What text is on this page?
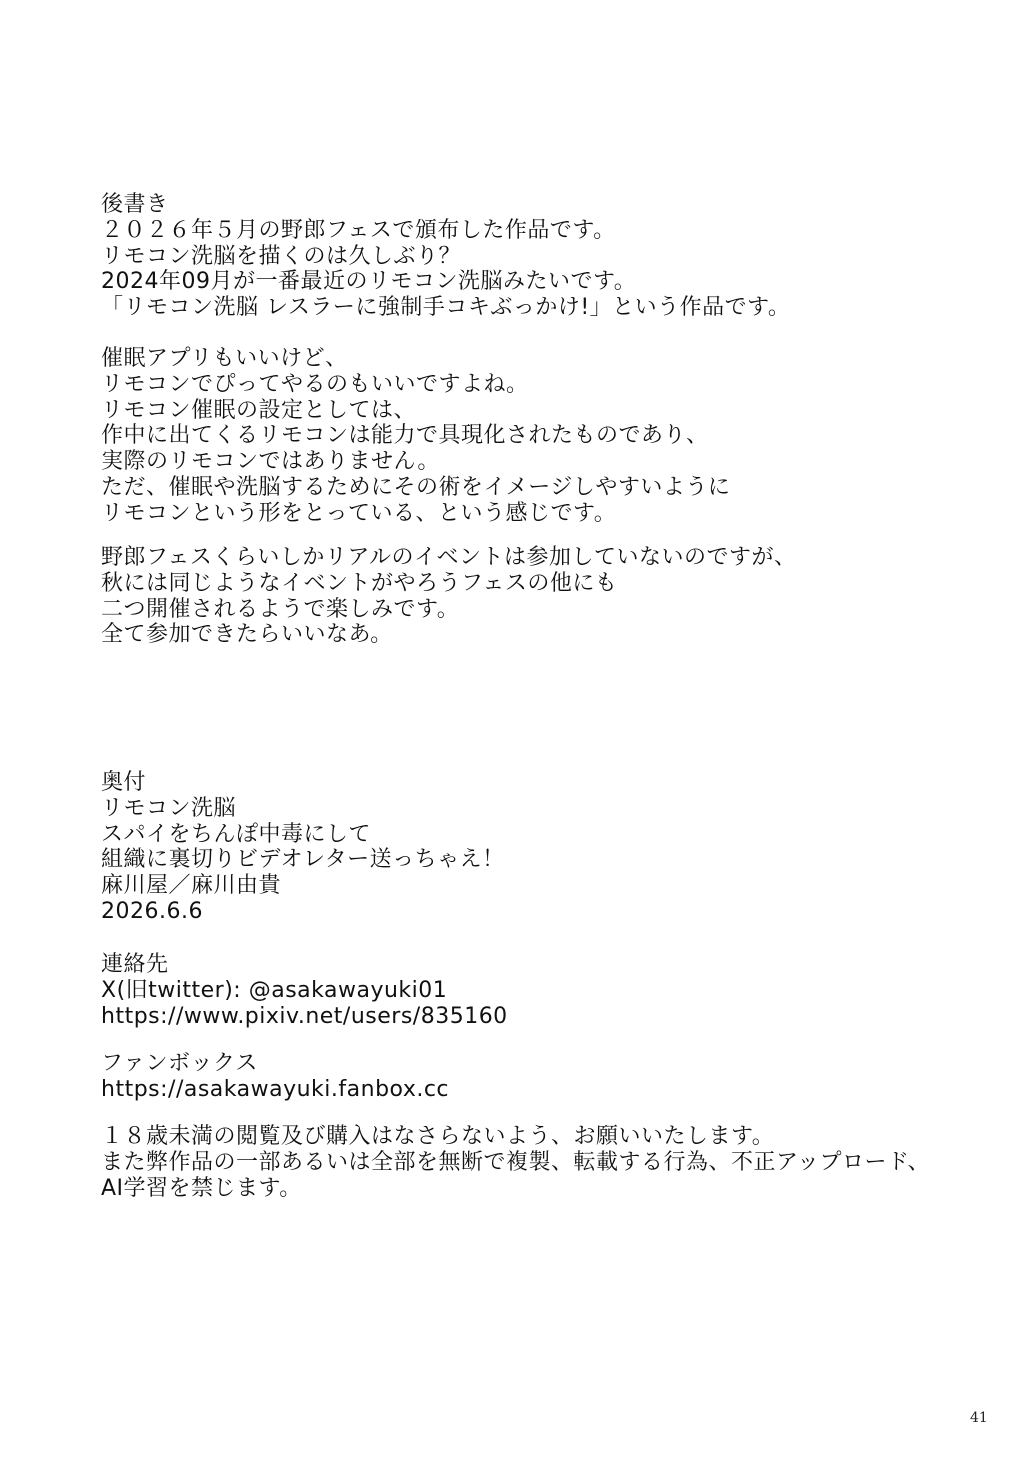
後書き
２０２６年５月の野郎フェスで頒布した作品です。
リモコン洗脳を描くのは久しぶり？
2024年09月が一番最近のリモコン洗脳みたいです。
「リモコン洗脳 レスラーに強制手コキぶっかけ!」という作品です。
催眠アプリもいいけど、
リモコンでぴってやるのもいいですよね。
リモコン催眠の設定としては、
作中に出てくるリモコンは能力で具現化されたものであり、
実際のリモコンではありません。
ただ、催眠や洗脳するためにその術をイメージしやすいように
リモコンという形をとっている、という感じです。
野郎フェスくらいしかリアルのイベントは参加していないのですが、
秋には同じようなイベントがやろうフェスの他にも
二つ開催されるようで楽しみです。
全て参加できたらいいなあ。
奥付
リモコン洗脳
スパイをちんぽ中毒にして
組織に裏切りビデオレター送っちゃえ！
麻川屋／麻川由貴
2026.6.6
連絡先
X(旧twitter): @asakawayuki01
https://www.pixiv.net/users/835160
ファンボックス
https://asakawayuki.fanbox.cc
１８歳未満の閲覧及び購入はなさらないよう、お願いいたします。
また弊作品の一部あるいは全部を無断で複製、転載する行為、不正アップロード、
AI学習を禁じます。
41
